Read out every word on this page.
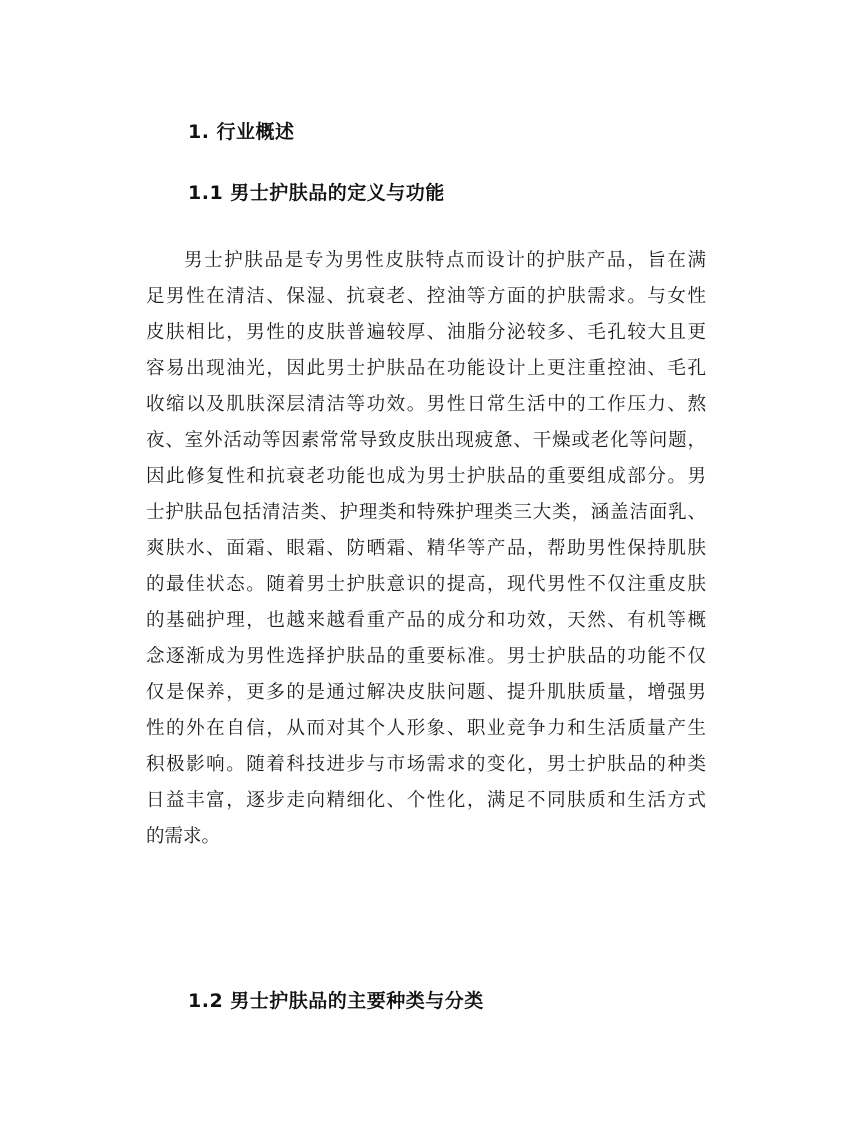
1. 行业概述
1.1 男士护肤品的定义与功能
男士护肤品是专为男性皮肤特点而设计的护肤产品，旨在满
足男性在清洁、保湿、抗衰老、控油等方面的护肤需求。与女性
皮肤相比，男性的皮肤普遍较厚、油脂分泌较多、毛孔较大且更
容易出现油光，因此男士护肤品在功能设计上更注重控油、毛孔
收缩以及肌肤深层清洁等功效。男性日常生活中的工作压力、熬
夜、室外活动等因素常常导致皮肤出现疲惫、干燥或老化等问题，
因此修复性和抗衰老功能也成为男士护肤品的重要组成部分。男
士护肤品包括清洁类、护理类和特殊护理类三大类，涵盖洁面乳、
爽肤水、面霜、眼霜、防晒霜、精华等产品，帮助男性保持肌肤
的最佳状态。随着男士护肤意识的提高，现代男性不仅注重皮肤
的基础护理，也越来越看重产品的成分和功效，天然、有机等概
念逐渐成为男性选择护肤品的重要标准。男士护肤品的功能不仅
仅是保养，更多的是通过解决皮肤问题、提升肌肤质量，增强男
性的外在自信，从而对其个人形象、职业竞争力和生活质量产生
积极影响。随着科技进步与市场需求的变化，男士护肤品的种类
日益丰富，逐步走向精细化、个性化，满足不同肤质和生活方式
的需求。
1.2 男士护肤品的主要种类与分类
